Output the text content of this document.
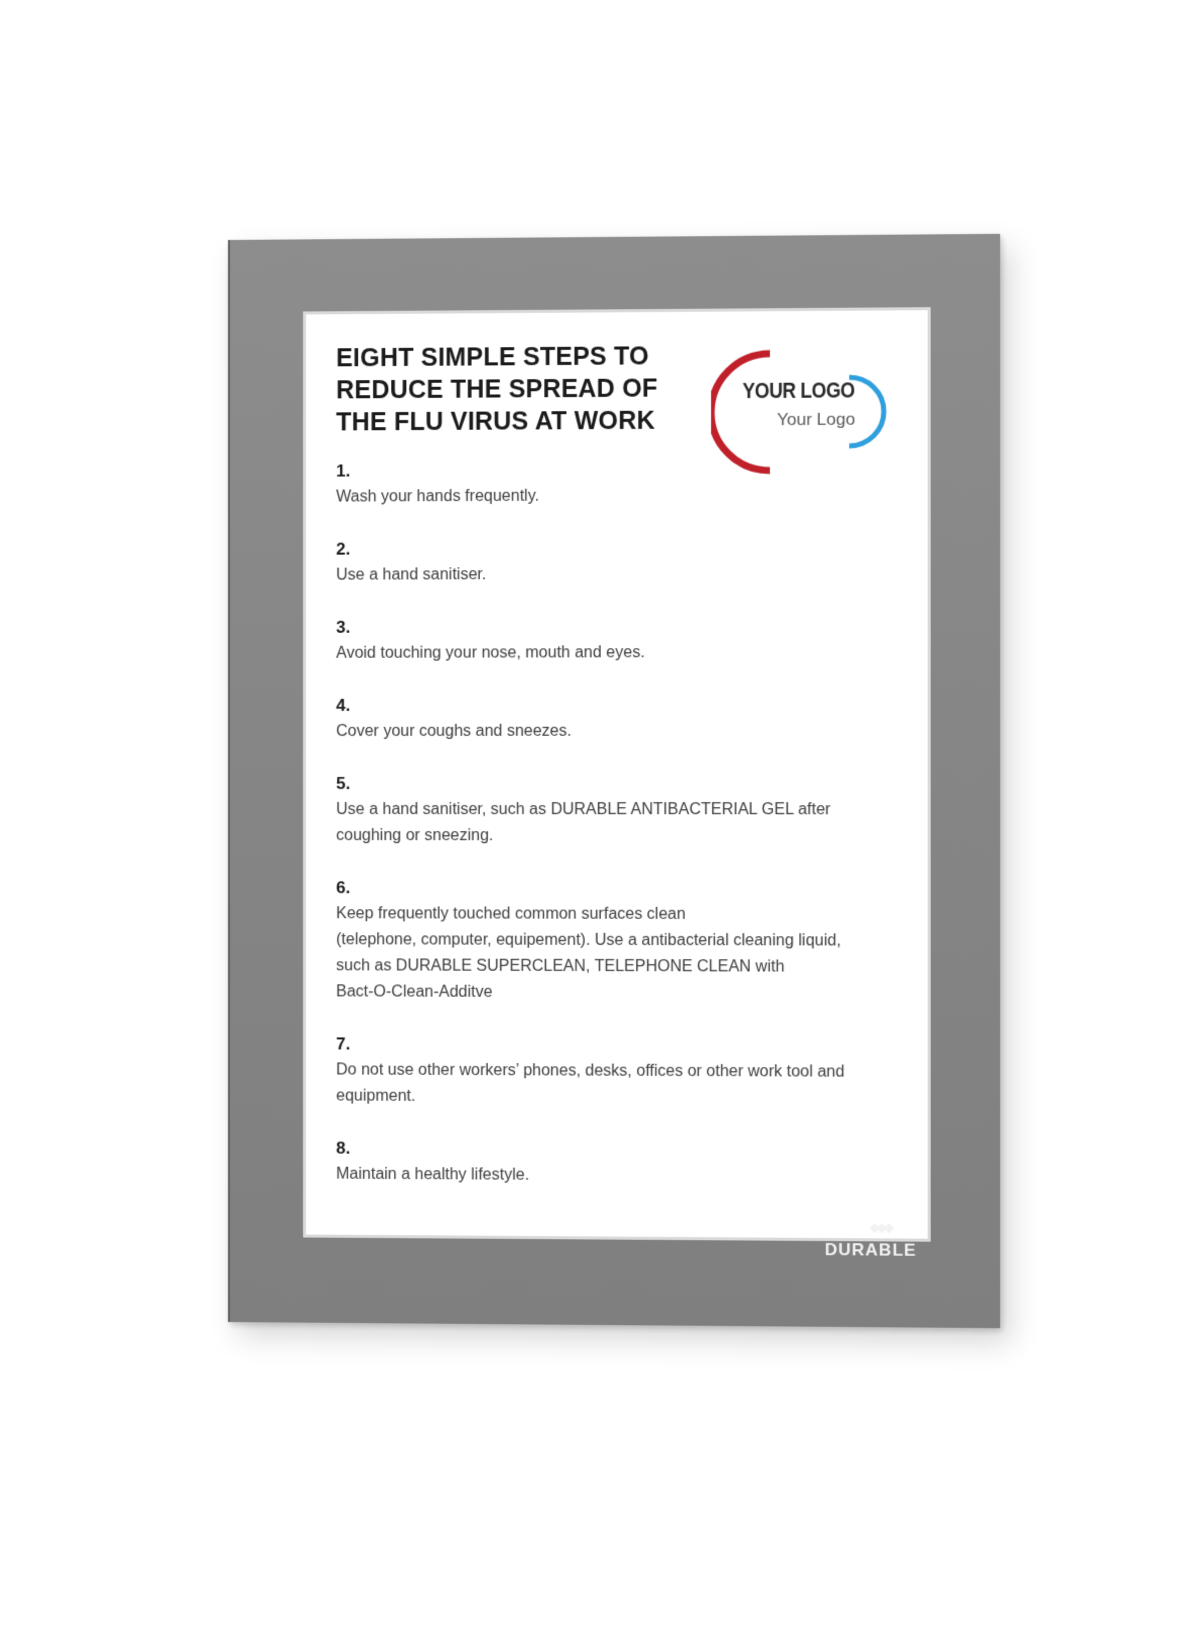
EIGHT SIMPLE STEPS TO
REDUCE THE SPREAD OF
THE FLU VIRUS AT WORK
YOUR LOGO
Your Logo
1.
Wash your hands frequently.
2.
Use a hand sanitiser.
3.
Avoid touching your nose, mouth and eyes.
4.
Cover your coughs and sneezes.
5.
Use a hand sanitiser, such as DURABLE ANTIBACTERIAL GEL after
coughing or sneezing.
6.
Keep frequently touched common surfaces clean
(telephone, computer, equipement). Use a antibacterial cleaning liquid,
such as DURABLE SUPERCLEAN, TELEPHONE CLEAN with
Bact-O-Clean-Additve
7.
Do not use other workers’ phones, desks, offices or other work tool and
equipment.
8.
Maintain a healthy lifestyle.
DURABLE
